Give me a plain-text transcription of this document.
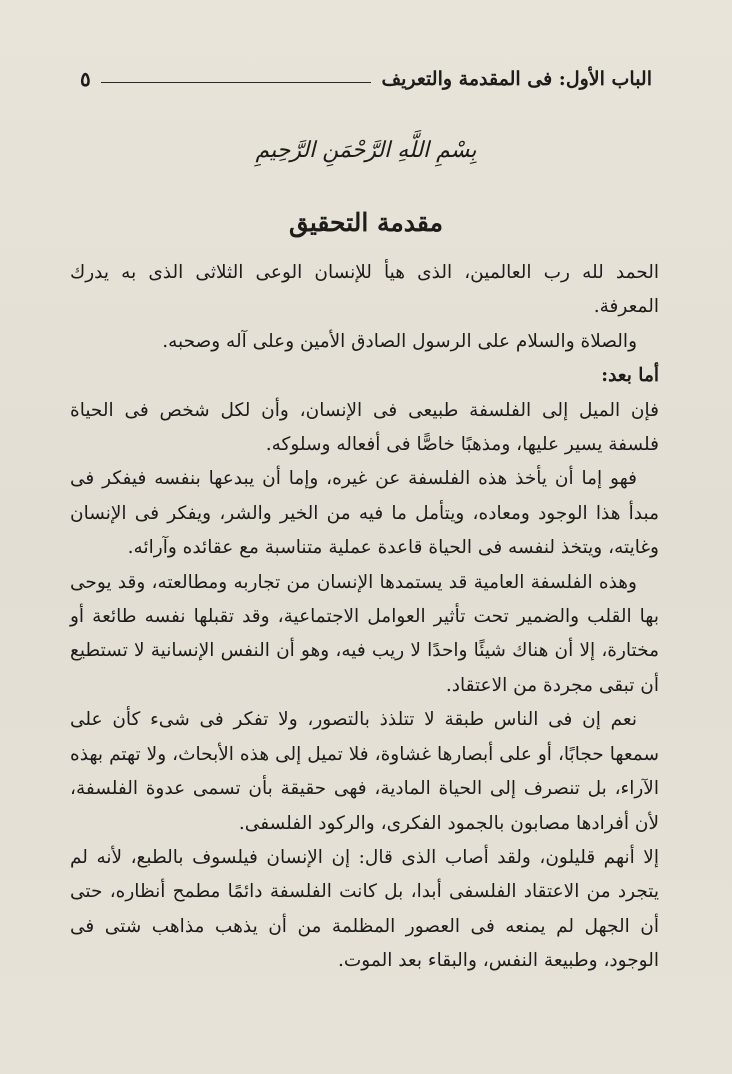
الباب الأول: فى المقدمة والتعريف
٥
بِسْمِ اللَّهِ الرَّحْمَنِ الرَّحِيمِ
مقدمة التحقيق

الحمد لله رب العالمين، الذى هيأ للإنسان الوعى الثلاثى الذى به يدرك المعرفة.

والصلاة والسلام على الرسول الصادق الأمين وعلى آله وصحبه.

أما بعد:

فإن الميل إلى الفلسفة طبيعى فى الإنسان، وأن لكل شخص فى الحياة فلسفة يسير عليها، ومذهبًا خاصًّا فى أفعاله وسلوكه.

فهو إما أن يأخذ هذه الفلسفة عن غيره، وإما أن يبدعها بنفسه فيفكر فى مبدأ هذا الوجود ومعاده، ويتأمل ما فيه من الخير والشر، ويفكر فى الإنسان وغايته، ويتخذ لنفسه فى الحياة قاعدة عملية متناسبة مع عقائده وآرائه.

وهذه الفلسفة العامية قد يستمدها الإنسان من تجاربه ومطالعته، وقد يوحى بها القلب والضمير تحت تأثير العوامل الاجتماعية، وقد تقبلها نفسه طائعة أو مختارة، إلا أن هناك شيئًا واحدًا لا ريب فيه، وهو أن النفس الإنسانية لا تستطيع أن تبقى مجردة من الاعتقاد.

نعم إن فى الناس طبقة لا تتلذذ بالتصور، ولا تفكر فى شىء كأن على سمعها حجابًا، أو على أبصارها غشاوة، فلا تميل إلى هذه الأبحاث، ولا تهتم بهذه الآراء، بل تنصرف إلى الحياة المادية، فهى حقيقة بأن تسمى عدوة الفلسفة، لأن أفرادها مصابون بالجمود الفكرى، والركود الفلسفى.

إلا أنهم قليلون، ولقد أصاب الذى قال: إن الإنسان فيلسوف بالطبع، لأنه لم يتجرد من الاعتقاد الفلسفى أبدا، بل كانت الفلسفة دائمًا مطمح أنظاره، حتى أن الجهل لم يمنعه فى العصور المظلمة من أن يذهب مذاهب شتى فى الوجود، وطبيعة النفس، والبقاء بعد الموت.
